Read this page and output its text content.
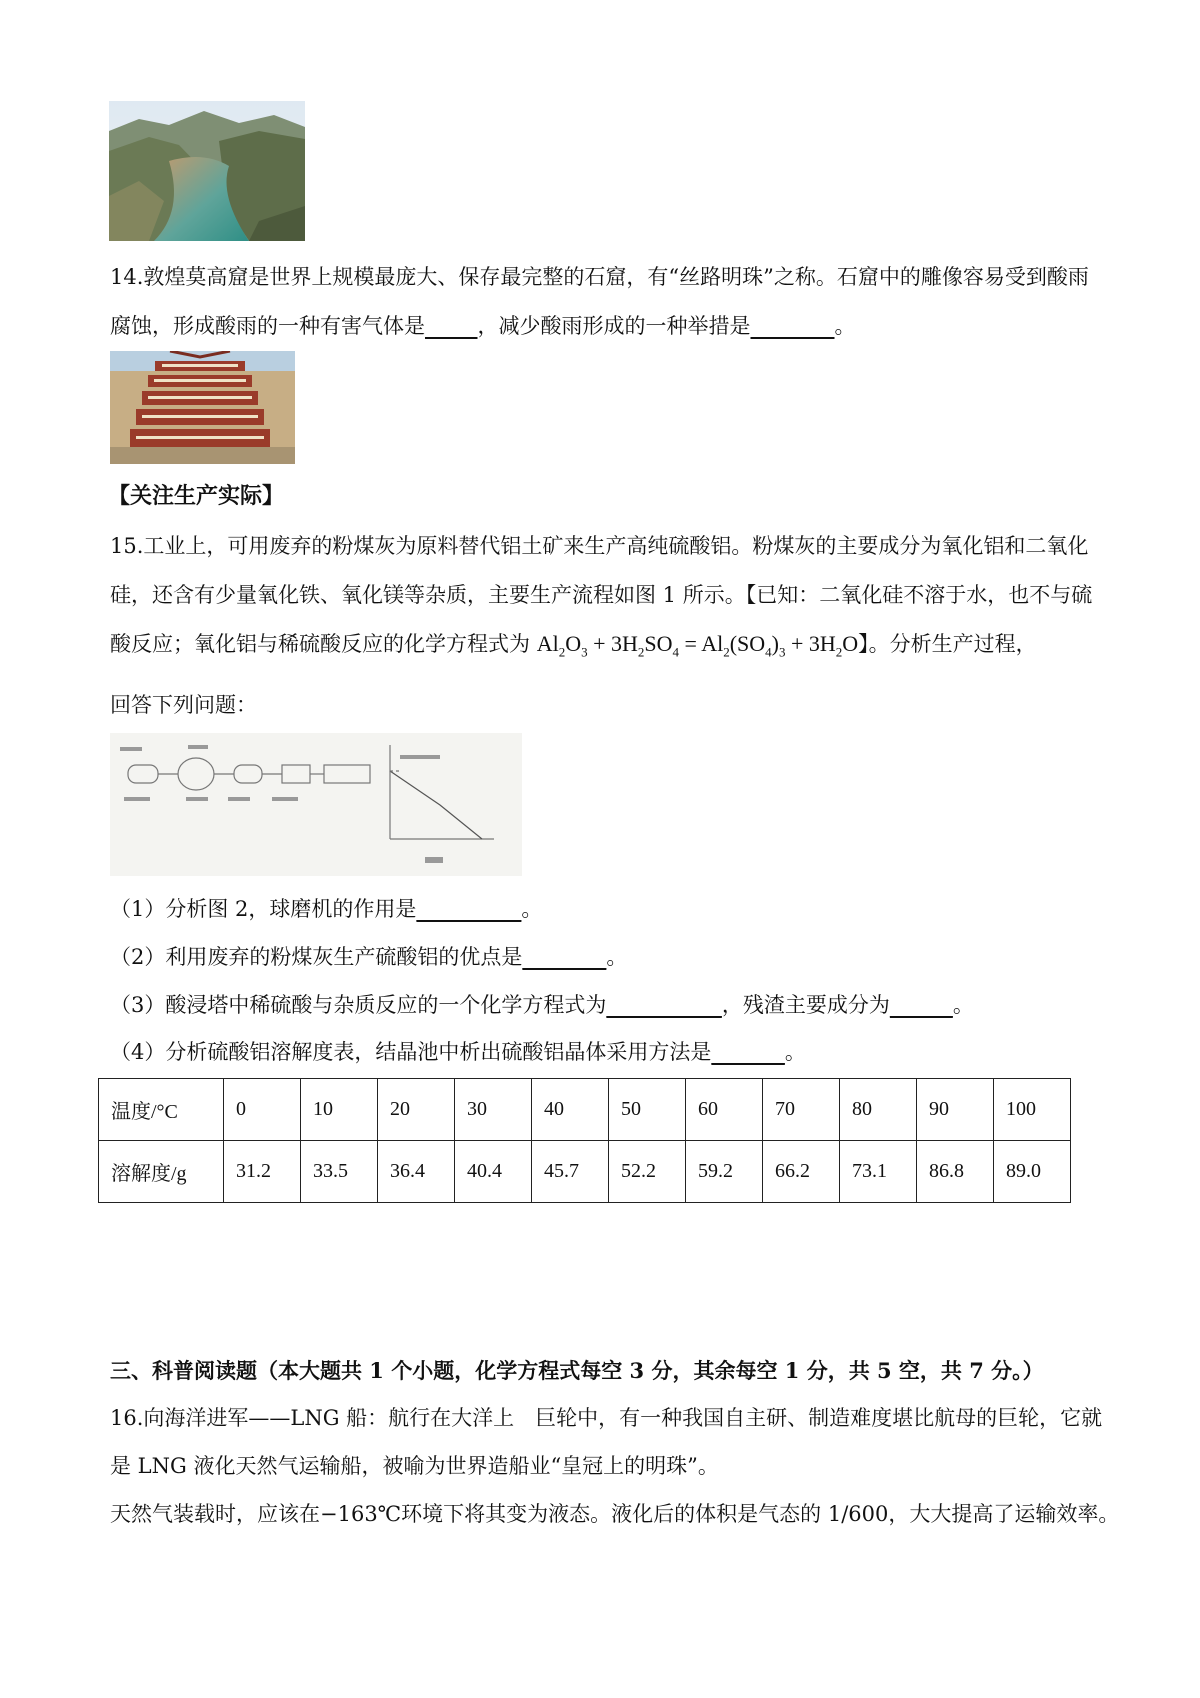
14.敦煌莫高窟是世界上规模最庞大、保存最完整的石窟，有“丝路明珠”之称。石窟中的雕像容易受到酸雨
腐蚀，形成酸雨的一种有害气体是_____，减少酸雨形成的一种举措是________。
【关注生产实际】
15.工业上，可用废弃的粉煤灰为原料替代铝土矿来生产高纯硫酸铝。粉煤灰的主要成分为氧化铝和二氧化
硅，还含有少量氧化铁、氧化镁等杂质，主要生产流程如图 1 所示。【已知：二氧化硅不溶于水，也不与硫
酸反应；氧化铝与稀硫酸反应的化学方程式为 $Al_2O_3 + 3H_2SO_4 = Al_2(SO_4)_3 + 3H_2O$】。分析生产过程，
回答下列问题：
（1）分析图 2，球磨机的作用是__________。
（2）利用废弃的粉煤灰生产硫酸铝的优点是________。
（3）酸浸塔中稀硫酸与杂质反应的一个化学方程式为___________，残渣主要成分为______。
（4）分析硫酸铝溶解度表，结晶池中析出硫酸铝晶体采用方法是_______。
温度/°C	0	10	20	30	40	50	60	70	80	90	100
溶解度/g	31.2	33.5	36.4	40.4	45.7	52.2	59.2	66.2	73.1	86.8	89.0
三、科普阅读题（本大题共 1 个小题，化学方程式每空 3 分，其余每空 1 分，共 5 空，共 7 分。）
16.向海洋进军——LNG 船：航行在大洋上　巨轮中，有一种我国自主研、制造难度堪比航母的巨轮，它就
是 LNG 液化天然气运输船，被喻为世界造船业“皇冠上的明珠”。
天然气装载时，应该在−163℃环境下将其变为液态。液化后的体积是气态的 1/600，大大提高了运输效率。
